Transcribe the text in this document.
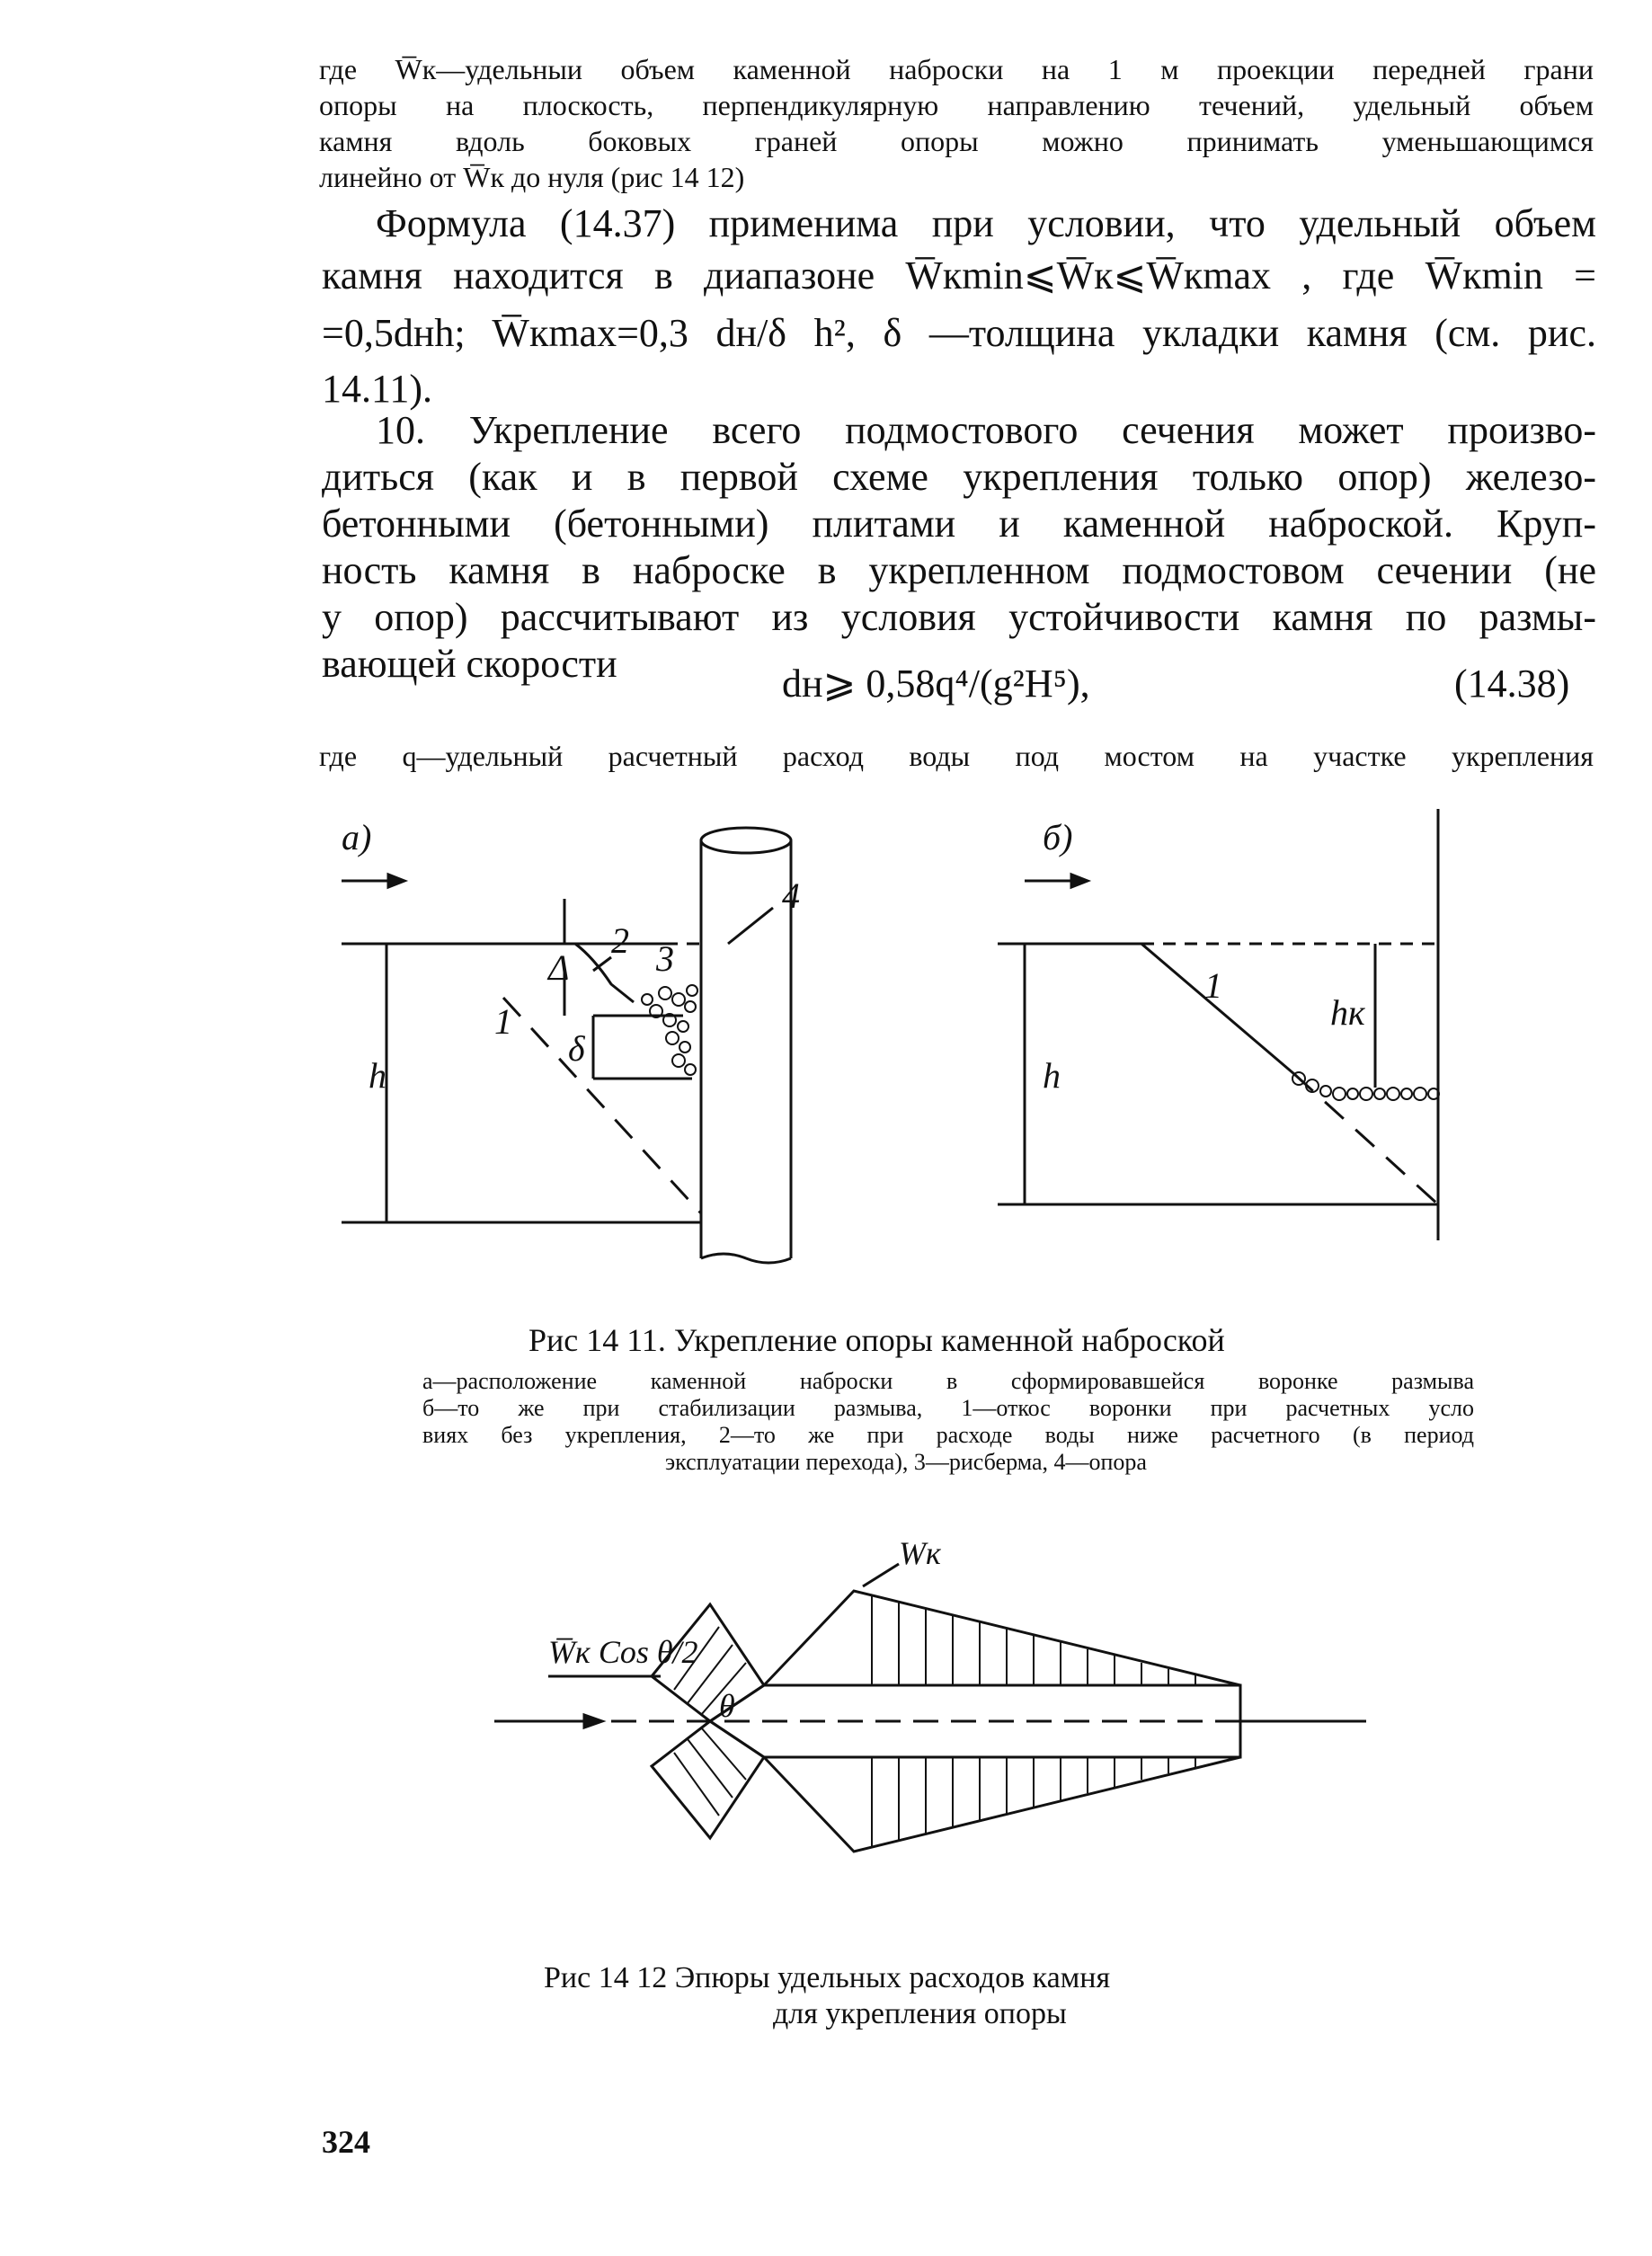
где W̅к—удельныи объем каменной наброски на 1 м проекции передней грани
опоры на плоскость, перпендикулярную направлению течений, удельный объем
камня вдоль боковых граней опоры можно принимать уменьшающимся
линейно от W̅к до нуля (рис 14 12)
Формула (14.37) применима при условии, что удельный объем
камня находится в диапазоне W̅кmin⩽W̅к⩽W̅кmax , где W̅кmin =
=0,5dнh; W̅кmax=0,3 dн/δ h², δ —толщина укладки камня (см. рис.
14.11).
10. Укрепление всего подмостового сечения может произво-
диться (как и в первой схеме укрепления только опор) железо-
бетонными (бетонными) плитами и каменной наброской. Круп-
ность камня в наброске в укрепленном подмостовом сечении (не
у опор) рассчитывают из условия устойчивости камня по размы-
вающей скорости	dн⩾ 0,58q⁴/(g²H⁵),	(14.38)
где q—удельный расчетный расход воды под мостом на участке укрепления
а)	б)
Δ
2 3
4
h
1
δ
1
h
hк
Рис 14 11. Укрепление опоры каменной наброской
а—расположение каменной наброски в сформировавшейся воронке размыва
б—то же при стабилизации размыва, 1—откос воронки при расчетных усло
виях без укрепления, 2—то же при расходе воды ниже расчетного (в период
эксплуатации перехода), 3—рисберма, 4—опора
Wк
W̅к Cos θ/2
θ
Рис 14 12 Эпюры удельных расходов камня
для укрепления опоры
324
